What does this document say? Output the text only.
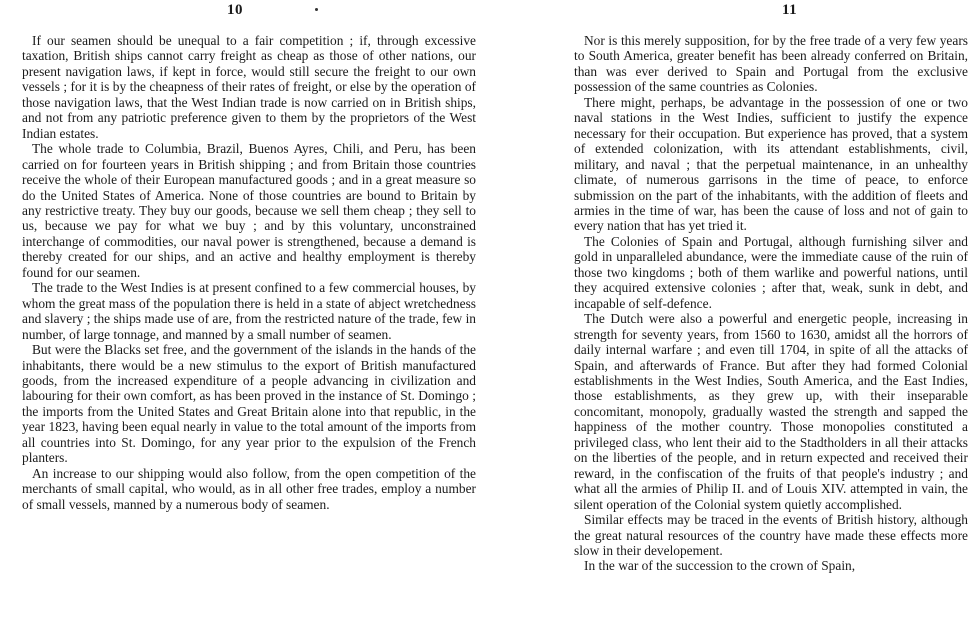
10

If our seamen should be unequal to a fair competition ; if, through excessive taxation, British ships cannot carry freight as cheap as those of other nations, our present navigation laws, if kept in force, would still secure the freight to our own vessels ; for it is by the cheapness of their rates of freight, or else by the operation of those navigation laws, that the West Indian trade is now carried on in British ships, and not from any patriotic preference given to them by the proprietors of the West Indian estates.

The whole trade to Columbia, Brazil, Buenos Ayres, Chili, and Peru, has been carried on for fourteen years in British shipping ; and from Britain those countries receive the whole of their European manufactured goods ; and in a great measure so do the United States of America. None of those countries are bound to Britain by any restrictive treaty. They buy our goods, because we sell them cheap ; they sell to us, because we pay for what we buy ; and by this voluntary, unconstrained interchange of commodities, our naval power is strengthened, because a demand is thereby created for our ships, and an active and healthy employment is thereby found for our seamen.

The trade to the West Indies is at present confined to a few commercial houses, by whom the great mass of the population there is held in a state of abject wretchedness and slavery ; the ships made use of are, from the restricted nature of the trade, few in number, of large tonnage, and manned by a small number of seamen.

But were the Blacks set free, and the government of the islands in the hands of the inhabitants, there would be a new stimulus to the export of British manufactured goods, from the increased expenditure of a people advancing in civilization and labouring for their own comfort, as has been proved in the instance of St. Domingo ; the imports from the United States and Great Britain alone into that republic, in the year 1823, having been equal nearly in value to the total amount of the imports from all countries into St. Domingo, for any year prior to the expulsion of the French planters.

An increase to our shipping would also follow, from the open competition of the merchants of small capital, who would, as in all other free trades, employ a number of small vessels, manned by a numerous body of seamen.

11

Nor is this merely supposition, for by the free trade of a very few years to South America, greater benefit has been already conferred on Britain, than was ever derived to Spain and Portugal from the exclusive possession of the same countries as Colonies.

There might, perhaps, be advantage in the possession of one or two naval stations in the West Indies, sufficient to justify the expence necessary for their occupation. But experience has proved, that a system of extended colonization, with its attendant establishments, civil, military, and naval ; that the perpetual maintenance, in an unhealthy climate, of numerous garrisons in the time of peace, to enforce submission on the part of the inhabitants, with the addition of fleets and armies in the time of war, has been the cause of loss and not of gain to every nation that has yet tried it.

The Colonies of Spain and Portugal, although furnishing silver and gold in unparalleled abundance, were the immediate cause of the ruin of those two kingdoms ; both of them warlike and powerful nations, until they acquired extensive colonies ; after that, weak, sunk in debt, and incapable of self-defence.

The Dutch were also a powerful and energetic people, increasing in strength for seventy years, from 1560 to 1630, amidst all the horrors of daily internal warfare ; and even till 1704, in spite of all the attacks of Spain, and afterwards of France. But after they had formed Colonial establishments in the West Indies, South America, and the East Indies, those establishments, as they grew up, with their inseparable concomitant, monopoly, gradually wasted the strength and sapped the happiness of the mother country. Those monopolies constituted a privileged class, who lent their aid to the Stadtholders in all their attacks on the liberties of the people, and in return expected and received their reward, in the confiscation of the fruits of that people's industry ; and what all the armies of Philip II. and of Louis XIV. attempted in vain, the silent operation of the Colonial system quietly accomplished.

Similar effects may be traced in the events of British history, although the great natural resources of the country have made these effects more slow in their developement.

In the war of the succession to the crown of Spain,
